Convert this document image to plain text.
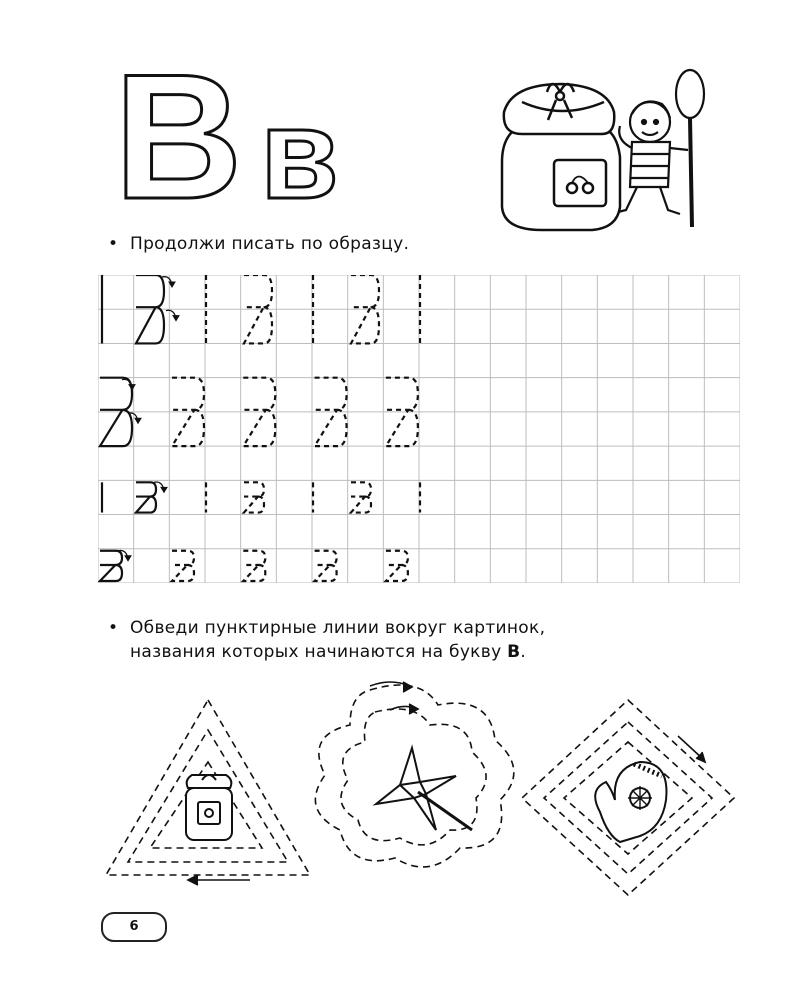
В в
• Продолжи писать по образцу.
• Обведи пунктирные линии вокруг картинок,
названия которых начинаются на букву В.
6
